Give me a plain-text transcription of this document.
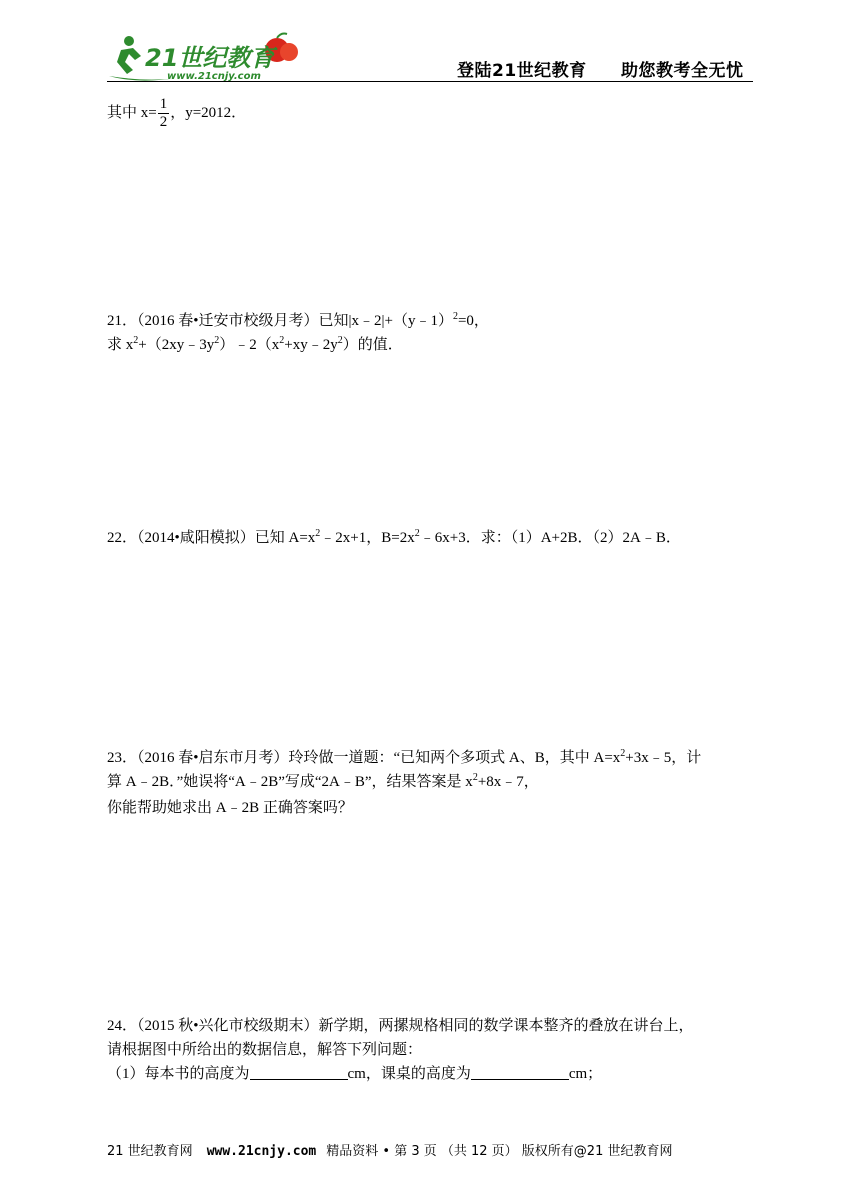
21世纪教育
www.21cnjy.com	登陆21世纪教育 助您教考全无忧
其中 $x= \frac{1}{2}$ ，y=2012．
21．（2016 春•迁安市校级月考）已知|x﹣2|+（y﹣1）$^2$=0，
求 $x^2+(2xy﹣3y^2)﹣2(x^2+xy﹣2y^2)$的值．
22．（2014•咸阳模拟）已知 $A=x^2﹣2x+1$，$B=2x^2﹣6x+3$．求：（1）A+2B．（2）2A﹣B．
23．（2016 春•启东市月考）玲玲做一道题：“已知两个多项式 A、B，其中 $A=x^2+3x﹣5$，计
算 A﹣2B．”她误将“A﹣2B”写成“2A﹣B”，结果答案是 $x^2+8x﹣7$，
你能帮助她求出 A﹣2B 正确答案吗？
24．（2015 秋•兴化市校级期末）新学期，两摞规格相同的数学课本整齐的叠放在讲台上，
请根据图中所给出的数据信息，解答下列问题：
（1）每本书的高度为	cm，课桌的高度为	cm；
21 世纪教育网 www.21cnjy.com 精品资料 • 第 3 页 （共 12 页） 版权所有@21 世纪教育网
